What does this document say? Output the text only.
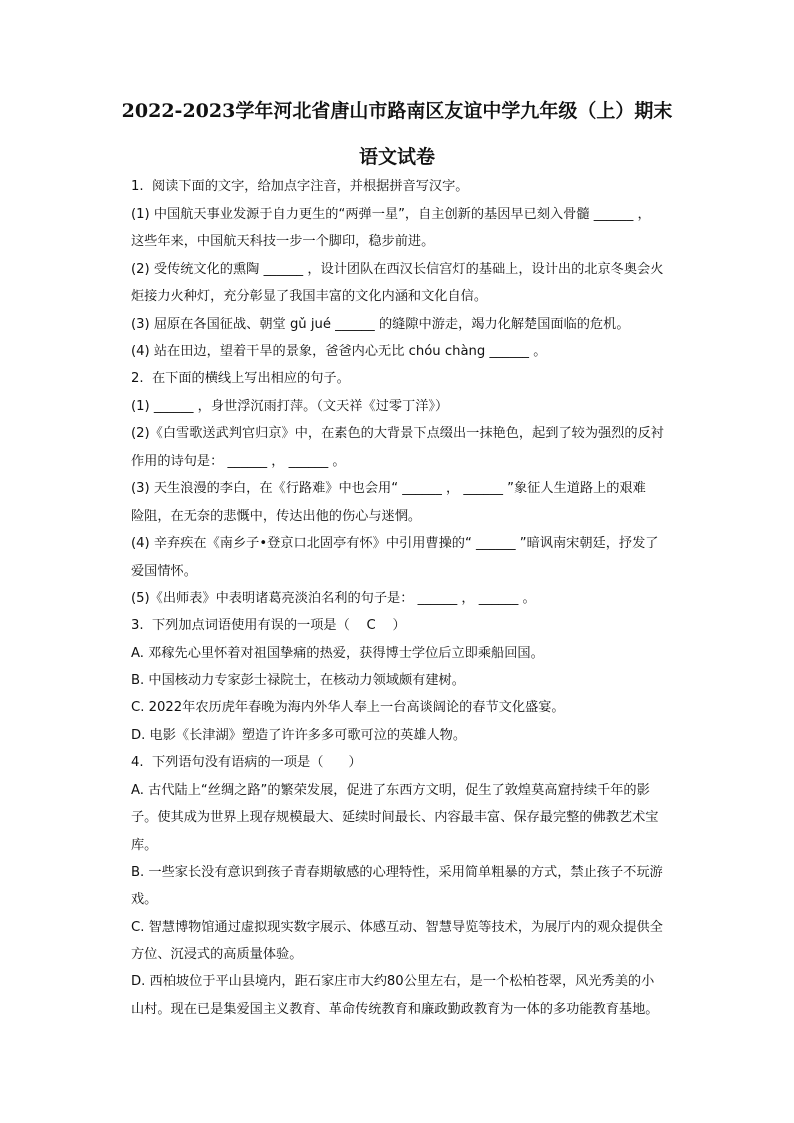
2022-2023学年河北省唐山市路南区友谊中学九年级（上）期末
语文试卷
1.  阅读下面的文字，给加点字注音，并根据拼音写汉字。
(1) 中国航天事业发源于自力更生的“两弹一星”，自主创新的基因早已刻入骨髓 ______ ，
这些年来，中国航天科技一步一个脚印，稳步前进。
(2) 受传统文化的熏陶 ______ ，设计团队在西汉长信宫灯的基础上，设计出的北京冬奥会火
炬接力火种灯，充分彰显了我国丰富的文化内涵和文化自信。
(3) 屈原在各国征战、朝堂 gǔ jué ______ 的缝隙中游走，竭力化解楚国面临的危机。
(4) 站在田边，望着干旱的景象，爸爸内心无比 chóu chàng ______ 。
2.  在下面的横线上写出相应的句子。
(1) ______ ，身世浮沉雨打萍。（文天祥《过零丁洋》）
(2)《白雪歌送武判官归京》中，在素色的大背景下点缀出一抹艳色，起到了较为强烈的反衬
作用的诗句是： ______ ， ______ 。
(3) 天生浪漫的李白，在《行路难》中也会用“ ______ ， ______ ”象征人生道路上的艰难
险阻，在无奈的悲慨中，传达出他的伤心与迷惘。
(4) 辛弃疾在《南乡子•登京口北固亭有怀》中引用曹操的“ ______ ”暗讽南宋朝廷，抒发了
爱国情怀。
(5)《出师表》中表明诸葛亮淡泊名利的句子是： ______ ， ______ 。
3.  下列加点词语使用有误的一项是（    C    ）
A. 邓稼先心里怀着对祖国挚痛的热爱，获得博士学位后立即乘船回国。
B. 中国核动力专家彭士禄院士，在核动力领域颇有建树。
C. 2022年农历虎年春晚为海内外华人奉上一台高谈阔论的春节文化盛宴。
D. 电影《长津湖》塑造了许许多多可歌可泣的英雄人物。
4.  下列语句没有语病的一项是（      ）
A. 古代陆上“丝绸之路”的繁荣发展，促进了东西方文明，促生了敦煌莫高窟持续千年的影
子。使其成为世界上现存规模最大、延续时间最长、内容最丰富、保存最完整的佛教艺术宝
库。
B. 一些家长没有意识到孩子青春期敏感的心理特性，采用简单粗暴的方式，禁止孩子不玩游
戏。
C. 智慧博物馆通过虚拟现实数字展示、体感互动、智慧导览等技术，为展厅内的观众提供全
方位、沉浸式的高质量体验。
D. 西柏坡位于平山县境内，距石家庄市大约80公里左右，是一个松柏苍翠，风光秀美的小
山村。现在已是集爱国主义教育、革命传统教育和廉政勤政教育为一体的多功能教育基地。
